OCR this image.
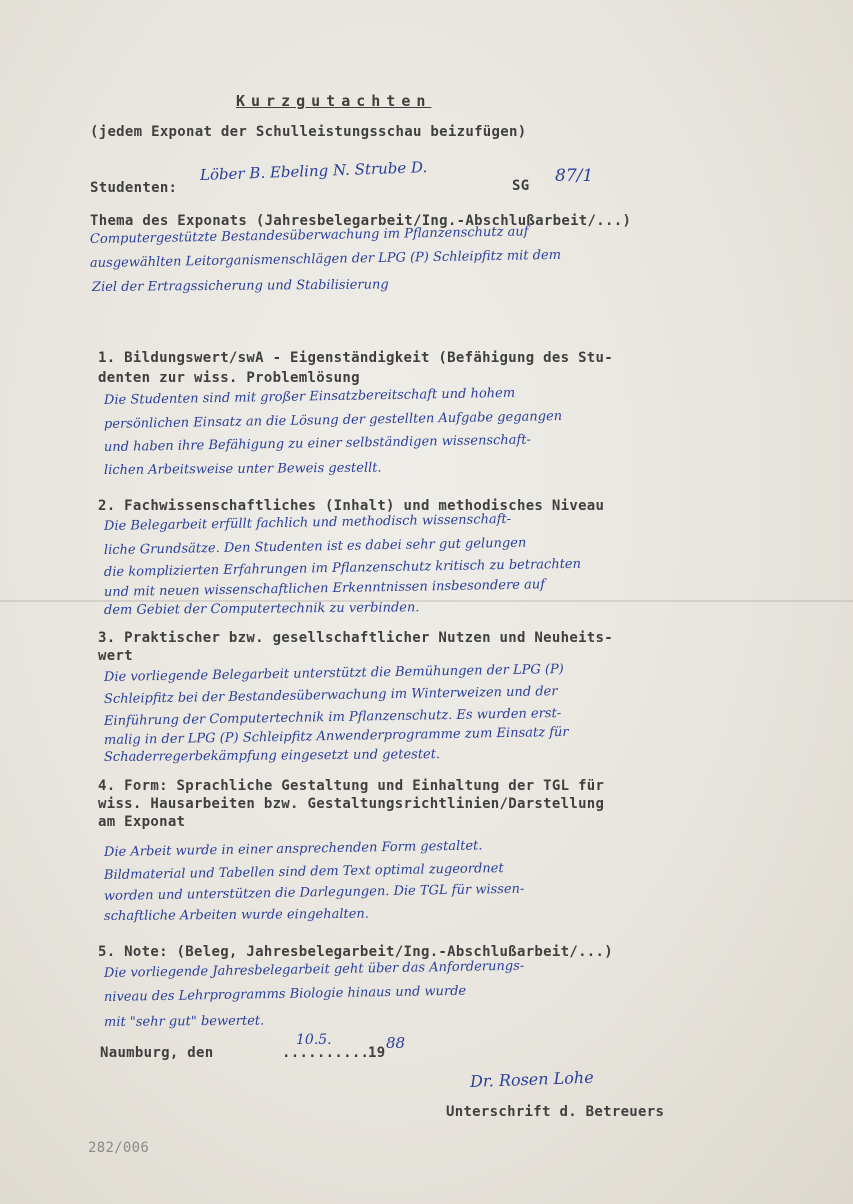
Kurzgutachten
(jedem Exponat der Schulleistungsschau beizufügen)
Studenten:
Löber B. Ebeling N. Strube D.
SG 87/1
Thema des Exponats (Jahresbelegarbeit/Ing.-Abschlußarbeit/...)
Computergestützte Bestandesüberwachung im Pflanzenschutz auf
ausgewählten Leitorganismenschlägen der LPG (P) Schleipfitz mit dem
Ziel der Ertragssicherung und Stabilisierung
1. Bildungswert/swA - Eigenständigkeit (Befähigung des Stu-
denten zur wiss. Problemlösung
Die Studenten sind mit großer Einsatzbereitschaft und hohem
persönlichen Einsatz an die Lösung der gestellten Aufgabe gegangen
und haben ihre Befähigung zu einer selbständigen wissenschaft-
lichen Arbeitsweise unter Beweis gestellt.
2. Fachwissenschaftliches (Inhalt) und methodisches Niveau
Die Belegarbeit erfüllt fachlich und methodisch wissenschaft-
liche Grundsätze. Den Studenten ist es dabei sehr gut gelungen
die komplizierten Erfahrungen im Pflanzenschutz kritisch zu betrachten
und mit neuen wissenschaftlichen Erkenntnissen insbesondere auf
dem Gebiet der Computertechnik zu verbinden.
3. Praktischer bzw. gesellschaftlicher Nutzen und Neuheits-
wert
Die vorliegende Belegarbeit unterstützt die Bemühungen der LPG (P)
Schleipfitz bei der Bestandesüberwachung im Winterweizen und der
Einführung der Computertechnik im Pflanzenschutz. Es wurden erst-
malig in der LPG (P) Schleipfitz Anwenderprogramme zum Einsatz für
Schaderregerbekämpfung eingesetzt und getestet.
4. Form: Sprachliche Gestaltung und Einhaltung der TGL für
wiss. Hausarbeiten bzw. Gestaltungsrichtlinien/Darstellung
am Exponat
Die Arbeit wurde in einer ansprechenden Form gestaltet.
Bildmaterial und Tabellen sind dem Text optimal zugeordnet
worden und unterstützen die Darlegungen. Die TGL für wissen-
schaftliche Arbeiten wurde eingehalten.
5. Note: (Beleg, Jahresbelegarbeit/Ing.-Abschlußarbeit/...)
Die vorliegende Jahresbelegarbeit geht über das Anforderungs-
niveau des Lehrprogramms Biologie hinaus und wurde
mit "sehr gut" bewertet.
Naumburg, den	..........
10.5.
19
88
Dr. Rosen Lohe
Unterschrift d. Betreuers
282/006
